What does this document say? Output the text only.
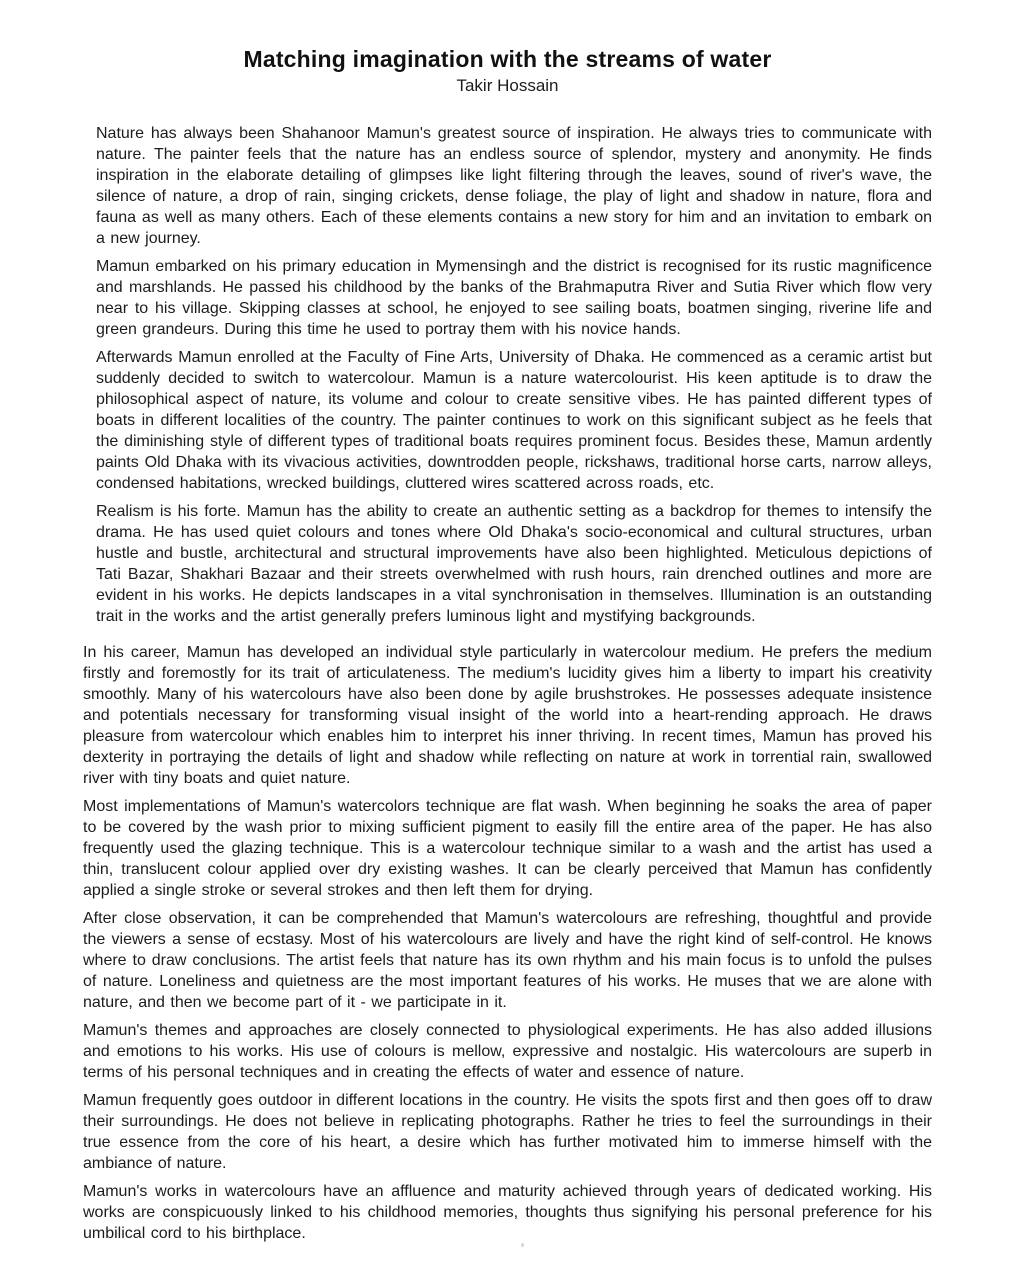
Matching imagination with the streams of water
Takir Hossain

Nature has always been Shahanoor Mamun's greatest source of inspiration. He always tries to communicate with nature. The painter feels that the nature has an endless source of splendor, mystery and anonymity. He finds inspiration in the elaborate detailing of glimpses like light filtering through the leaves, sound of river's wave, the silence of nature, a drop of rain, singing crickets, dense foliage, the play of light and shadow in nature, flora and fauna as well as many others. Each of these elements contains a new story for him and an invitation to embark on a new journey.

Mamun embarked on his primary education in Mymensingh and the district is recognised for its rustic magnificence and marshlands. He passed his childhood by the banks of the Brahmaputra River and Sutia River which flow very near to his village. Skipping classes at school, he enjoyed to see sailing boats, boatmen singing, riverine life and green grandeurs. During this time he used to portray them with his novice hands.

Afterwards Mamun enrolled at the Faculty of Fine Arts, University of Dhaka. He commenced as a ceramic artist but suddenly decided to switch to watercolour. Mamun is a nature watercolourist. His keen aptitude is to draw the philosophical aspect of nature, its volume and colour to create sensitive vibes. He has painted different types of boats in different localities of the country. The painter continues to work on this significant subject as he feels that the diminishing style of different types of traditional boats requires prominent focus. Besides these, Mamun ardently paints Old Dhaka with its vivacious activities, downtrodden people, rickshaws, traditional horse carts, narrow alleys, condensed habitations, wrecked buildings, cluttered wires scattered across roads, etc.

Realism is his forte. Mamun has the ability to create an authentic setting as a backdrop for themes to intensify the drama. He has used quiet colours and tones where Old Dhaka's socio-economical and cultural structures, urban hustle and bustle, architectural and structural improvements have also been highlighted. Meticulous depictions of Tati Bazar, Shakhari Bazaar and their streets overwhelmed with rush hours, rain drenched outlines and more are evident in his works. He depicts landscapes in a vital synchronisation in themselves. Illumination is an outstanding trait in the works and the artist generally prefers luminous light and mystifying backgrounds.

In his career, Mamun has developed an individual style particularly in watercolour medium. He prefers the medium firstly and foremostly for its trait of articulateness. The medium's lucidity gives him a liberty to impart his creativity smoothly. Many of his watercolours have also been done by agile brushstrokes. He possesses adequate insistence and potentials necessary for transforming visual insight of the world into a heart-rending approach. He draws pleasure from watercolour which enables him to interpret his inner thriving. In recent times, Mamun has proved his dexterity in portraying the details of light and shadow while reflecting on nature at work in torrential rain, swallowed river with tiny boats and quiet nature.

Most implementations of Mamun's watercolors technique are flat wash. When beginning he soaks the area of paper to be covered by the wash prior to mixing sufficient pigment to easily fill the entire area of the paper. He has also frequently used the glazing technique. This is a watercolour technique similar to a wash and the artist has used a thin, translucent colour applied over dry existing washes. It can be clearly perceived that Mamun has confidently applied a single stroke or several strokes and then left them for drying.

After close observation, it can be comprehended that Mamun's watercolours are refreshing, thoughtful and provide the viewers a sense of ecstasy. Most of his watercolours are lively and have the right kind of self-control. He knows where to draw conclusions. The artist feels that nature has its own rhythm and his main focus is to unfold the pulses of nature. Loneliness and quietness are the most important features of his works. He muses that we are alone with nature, and then we become part of it - we participate in it.

Mamun's themes and approaches are closely connected to physiological experiments. He has also added illusions and emotions to his works. His use of colours is mellow, expressive and nostalgic. His watercolours are superb in terms of his personal techniques and in creating the effects of water and essence of nature.

Mamun frequently goes outdoor in different locations in the country. He visits the spots first and then goes off to draw their surroundings. He does not believe in replicating photographs. Rather he tries to feel the surroundings in their true essence from the core of his heart, a desire which has further motivated him to immerse himself with the ambiance of nature.

Mamun's works in watercolours have an affluence and maturity achieved through years of dedicated working. His works are conspicuously linked to his childhood memories, thoughts thus signifying his personal preference for his umbilical cord to his birthplace.
